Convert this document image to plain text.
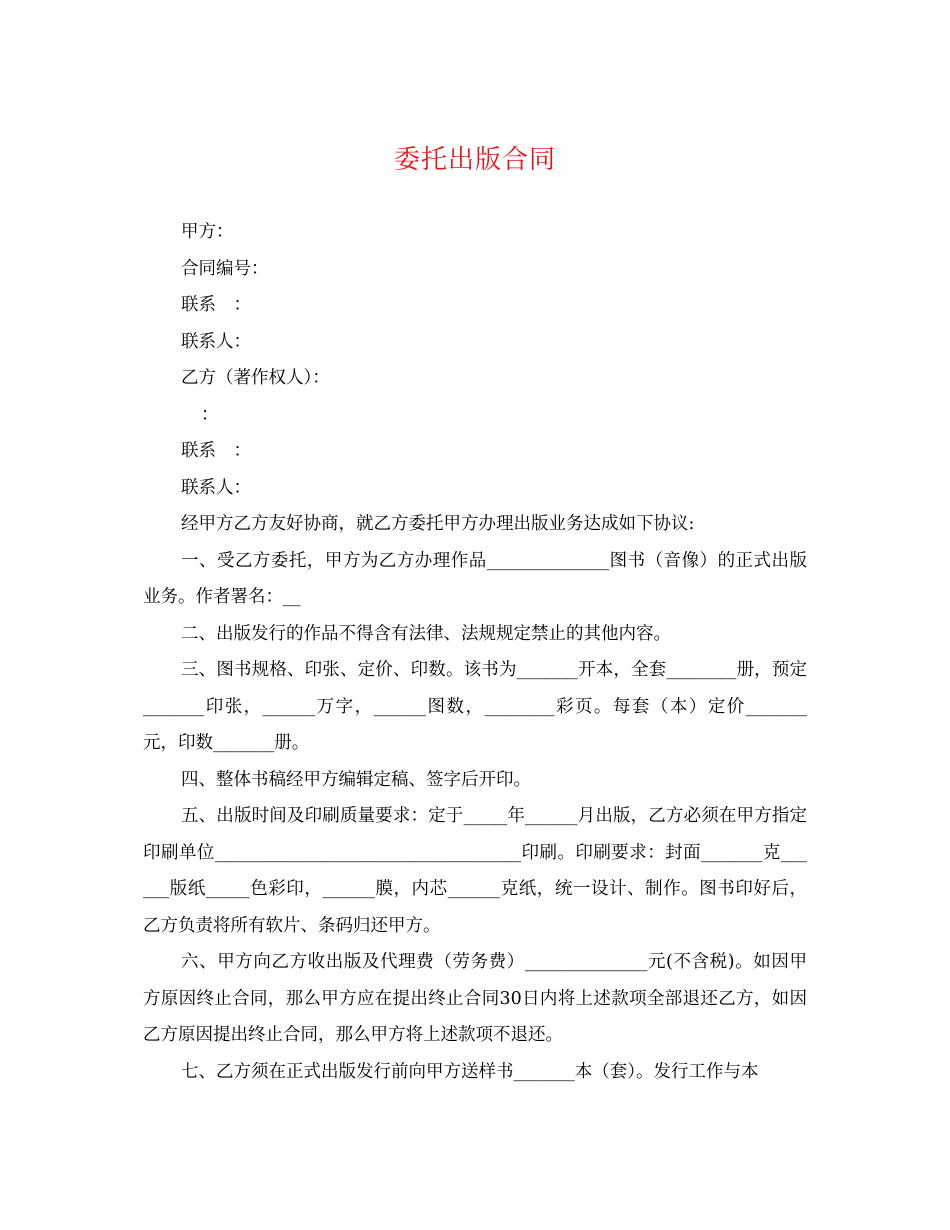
委托出版合同

甲方：

合同编号：

联系　：

联系人：

乙方（著作权人）：

：

联系　：

联系人：

经甲方乙方友好协商，就乙方委托甲方办理出版业务达成如下协议:

一、受乙方委托，甲方为乙方办理作品______________图书（音像）的正式出版业务。作者署名：__

二、出版发行的作品不得含有法律、法规规定禁止的其他内容。

三、图书规格、印张、定价、印数。该书为_______开本，全套________册，预定_______印张，______万字，______图数，________彩页。每套（本）定价_______元，印数_______册。

四、整体书稿经甲方编辑定稿、签字后开印。

五、出版时间及印刷质量要求：定于_____年______月出版，乙方必须在甲方指定印刷单位___________________________________印刷。印刷要求：封面_______克______版纸_____色彩印，______膜，内芯______克纸，统一设计、制作。图书印好后，乙方负责将所有软片、条码归还甲方。

六、甲方向乙方收出版及代理费（劳务费）______________元(不含税)。如因甲方原因终止合同，那么甲方应在提出终止合同30日内将上述款项全部退还乙方，如因乙方原因提出终止合同，那么甲方将上述款项不退还。

七、乙方须在正式出版发行前向甲方送样书_______本（套）。发行工作与本
